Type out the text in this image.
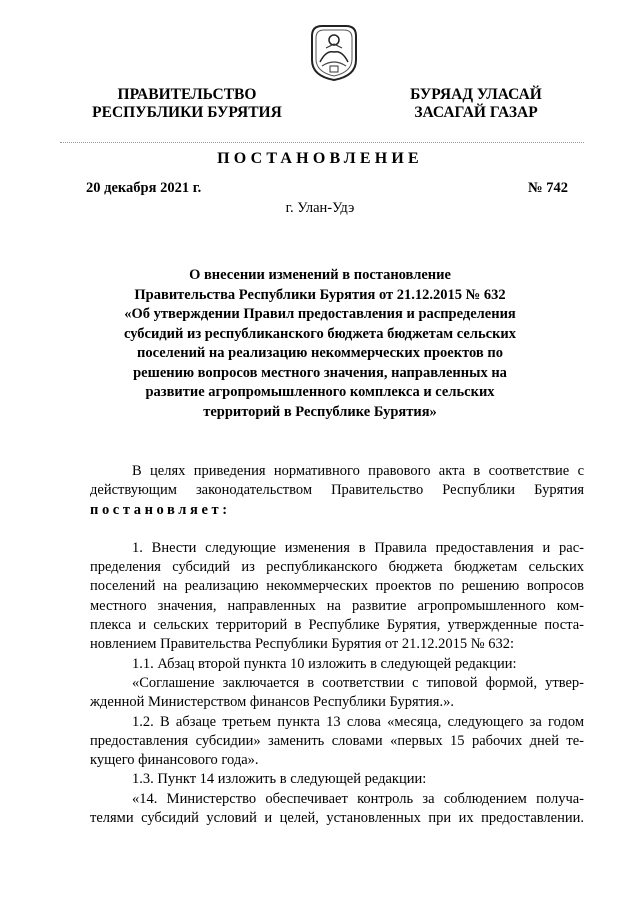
ПРАВИТЕЛЬСТВО
РЕСПУБЛИКИ БУРЯТИЯ
БУРЯАД УЛАСАЙ
ЗАСАГАЙ ГАЗАР
ПОСТАНОВЛЕНИЕ
20 декабря 2021 г.	№ 742
г. Улан-Удэ
О внесении изменений в постановление
Правительства Республики Бурятия от 21.12.2015 № 632
«Об утверждении Правил предоставления и распределения
субсидий из республиканского бюджета бюджетам сельских
поселений на реализацию некоммерческих проектов по
решению вопросов местного значения, направленных на
развитие агропромышленного комплекса и сельских
территорий в Республике Бурятия»
В целях приведения нормативного правового акта в соответствие с
действующим законодательством Правительство Республики Бурятия
постановляет:
1. Внести следующие изменения в Правила предоставления и рас-
пределения субсидий из республиканского бюджета бюджетам сельских
поселений на реализацию некоммерческих проектов по решению вопросов
местного значения, направленных на развитие агропромышленного ком-
плекса и сельских территорий в Республике Бурятия, утвержденные поста-
новлением Правительства Республики Бурятия от 21.12.2015 № 632:
1.1. Абзац второй пункта 10 изложить в следующей редакции:
«Соглашение заключается в соответствии с типовой формой, утвер-
жденной Министерством финансов Республики Бурятия.».
1.2. В абзаце третьем пункта 13 слова «месяца, следующего за годом
предоставления субсидии» заменить словами «первых 15 рабочих дней те-
кущего финансового года».
1.3. Пункт 14 изложить в следующей редакции:
«14. Министерство обеспечивает контроль за соблюдением получа-
телями субсидий условий и целей, установленных при их предоставлении.
